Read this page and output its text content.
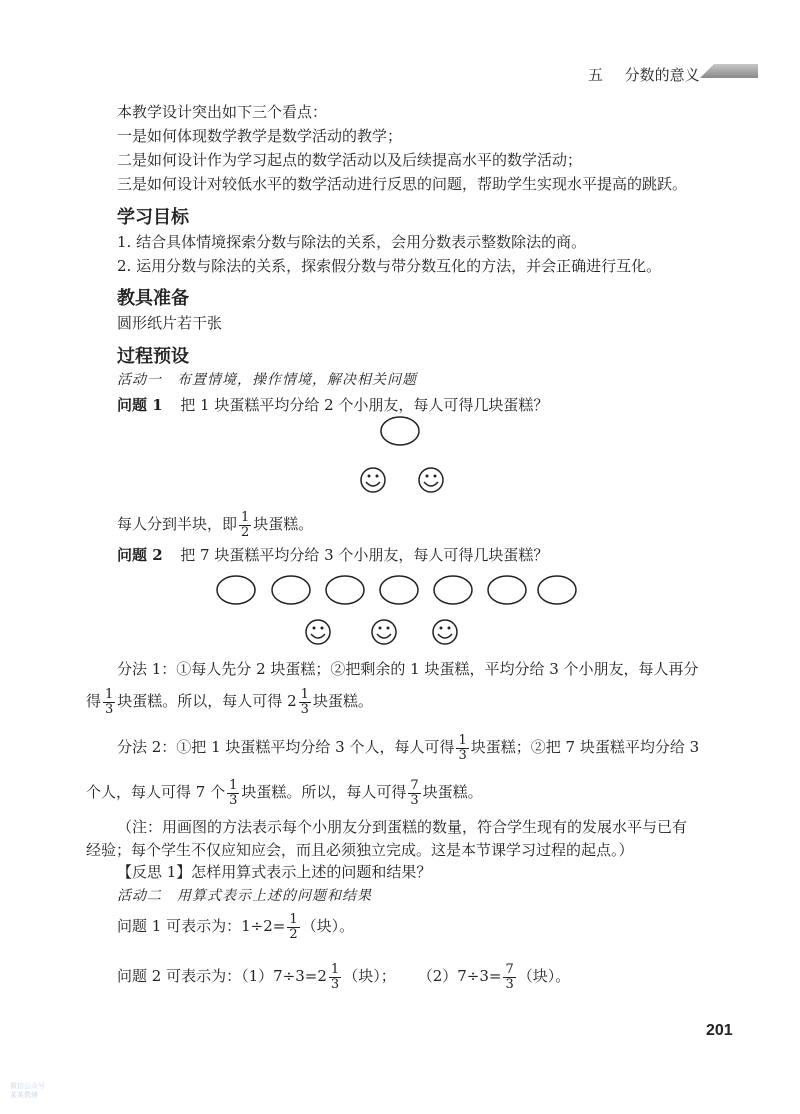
五 分数的意义
本教学设计突出如下三个看点：
一是如何体现数学教学是数学活动的教学；
二是如何设计作为学习起点的数学活动以及后续提高水平的数学活动；
三是如何设计对较低水平的数学活动进行反思的问题，帮助学生实现水平提高的跳跃。
学习目标
1. 结合具体情境探索分数与除法的关系，会用分数表示整数除法的商。
2. 运用分数与除法的关系，探索假分数与带分数互化的方法，并会正确进行互化。
教具准备
圆形纸片若干张
过程预设
活动一　布置情境，操作情境，解决相关问题
问题 1 把 1 块蛋糕平均分给 2 个小朋友，每人可得几块蛋糕？
每人分到半块，即 $\frac{1}{2}$ 块蛋糕。
问题 2 把 7 块蛋糕平均分给 3 个小朋友，每人可得几块蛋糕？
分法 1：①每人先分 2 块蛋糕；②把剩余的 1 块蛋糕，平均分给 3 个小朋友，每人再分
得 $\frac{1}{3}$ 块蛋糕。所以，每人可得 $2 \frac{1}{3}$ 块蛋糕。
分法 2：①把 1 块蛋糕平均分给 3 个人，每人可得 $\frac{1}{3}$ 块蛋糕；②把 7 块蛋糕平均分给 3
个人，每人可得 7 个 $\frac{1}{3}$ 块蛋糕。所以，每人可得 $\frac{7}{3}$ 块蛋糕。
（注：用画图的方法表示每个小朋友分到蛋糕的数量，符合学生现有的发展水平与已有
经验；每个学生不仅应知应会，而且必须独立完成。这是本节课学习过程的起点。）
【反思 1】怎样用算式表示上述的问题和结果？
活动二　用算式表示上述的问题和结果
问题 1 可表示为：$1\div 2= \frac{1}{2}$ （块）。
问题 2 可表示为：$(1)7\div 3=2 \frac{1}{3}$ （块）； $(2)7\div 3= \frac{7}{3}$ （块）。
201
微信公众号
某某教辅
